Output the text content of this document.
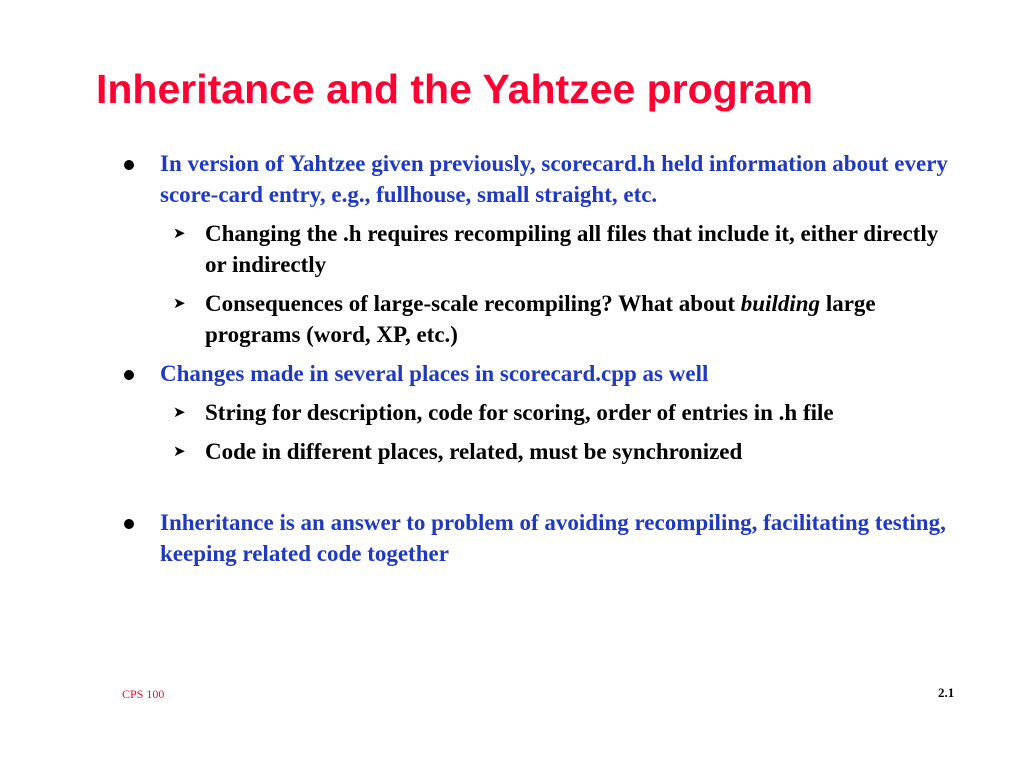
Inheritance and the Yahtzee program
In version of Yahtzee given previously, scorecard.h held information about every score-card entry, e.g., fullhouse, small straight, etc.
➤ Changing the .h requires recompiling all files that include it, either directly or indirectly
➤ Consequences of large-scale recompiling? What about building large programs (word, XP, etc.)
Changes made in several places in scorecard.cpp as well
➤ String for description, code for scoring, order of entries in .h file
➤ Code in different places, related, must be synchronized
Inheritance is an answer to problem of avoiding recompiling, facilitating testing, keeping related code together
CPS 100	2.1
